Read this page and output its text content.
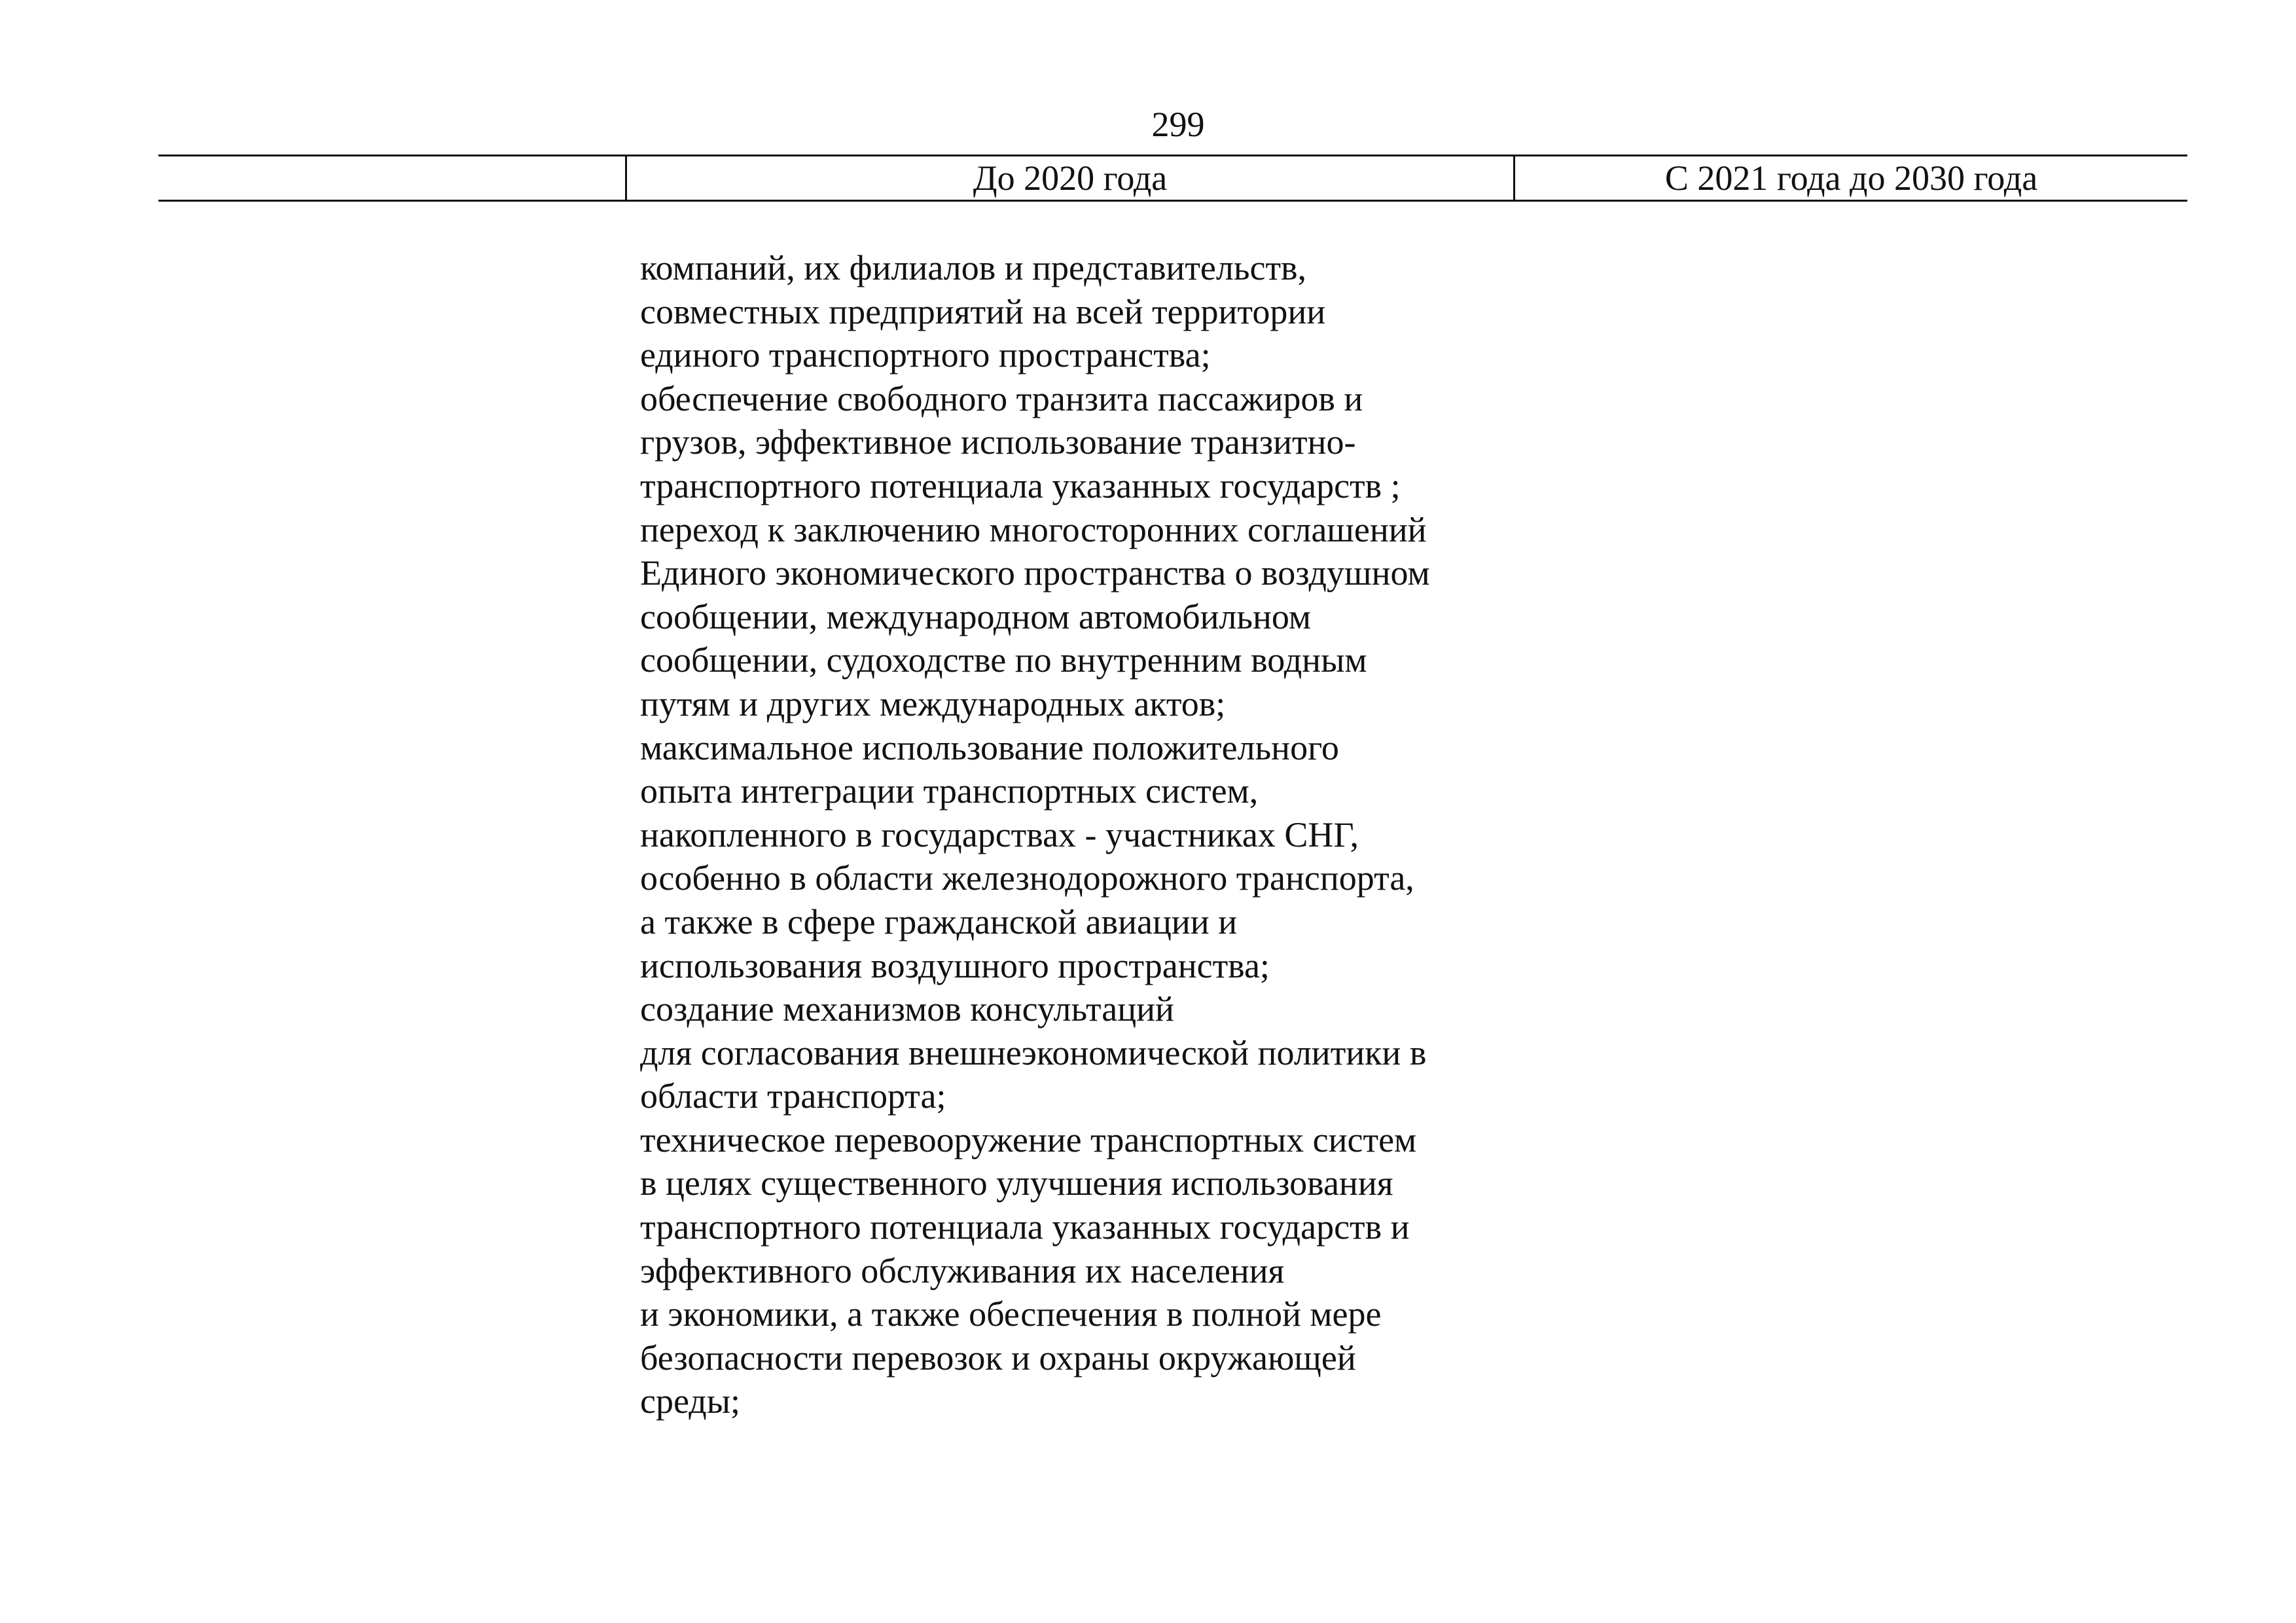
299
До 2020 года	С 2021 года до 2030 года
компаний, их филиалов и представительств,
совместных предприятий на всей территории
единого транспортного пространства;
обеспечение свободного транзита пассажиров и
грузов, эффективное использование транзитно-
транспортного потенциала указанных государств ;
переход к заключению многосторонних соглашений
Единого экономического пространства о воздушном
сообщении, международном автомобильном
сообщении, судоходстве по внутренним водным
путям и других международных актов;
максимальное использование положительного
опыта интеграции транспортных систем,
накопленного в государствах - участниках СНГ,
особенно в области железнодорожного транспорта,
а также в сфере гражданской авиации и
использования воздушного пространства;
создание механизмов консультаций
для согласования внешнеэкономической политики в
области транспорта;
техническое перевооружение транспортных систем
в целях существенного улучшения использования
транспортного потенциала указанных государств и
эффективного обслуживания их населения
и экономики, а также обеспечения в полной мере
безопасности перевозок и охраны окружающей
среды;
